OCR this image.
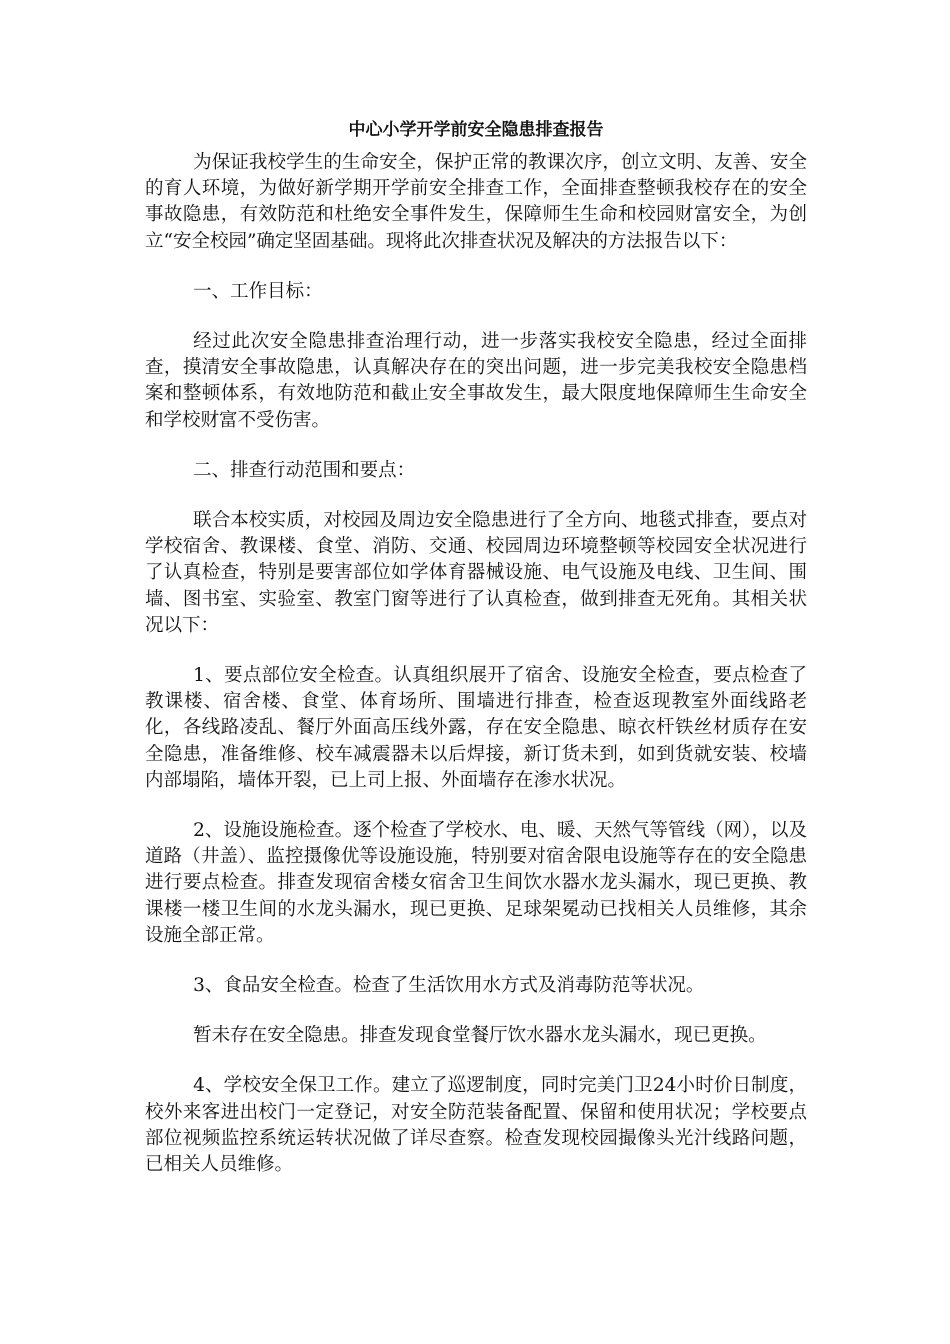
中心小学开学前安全隐患排查报告

为保证我校学生的生命安全，保护正常的教课次序，创立文明、友善、安全的育人环境，为做好新学期开学前安全排查工作，全面排查整顿我校存在的安全事故隐患，有效防范和杜绝安全事件发生，保障师生生命和校园财富安全，为创立“安全校园”确定坚固基础。现将此次排查状况及解决的方法报告以下：

一、工作目标：

经过此次安全隐患排查治理行动，进一步落实我校安全隐患，经过全面排查，摸清安全事故隐患，认真解决存在的突出问题，进一步完美我校安全隐患档案和整顿体系，有效地防范和截止安全事故发生，最大限度地保障师生生命安全和学校财富不受伤害。

二、排查行动范围和要点：

联合本校实质，对校园及周边安全隐患进行了全方向、地毯式排查，要点对学校宿舍、教课楼、食堂、消防、交通、校园周边环境整顿等校园安全状况进行了认真检查，特别是要害部位如学体育器械设施、电气设施及电线、卫生间、围墙、图书室、实验室、教室门窗等进行了认真检查，做到排查无死角。其相关状况以下：

1、要点部位安全检查。认真组织展开了宿舍、设施安全检查，要点检查了教课楼、宿舍楼、食堂、体育场所、围墙进行排查，检查返现教室外面线路老化，各线路凌乱、餐厅外面高压线外露，存在安全隐患、晾衣杆铁丝材质存在安全隐患，准备维修、校车减震器未以后焊接，新订货未到，如到货就安装、校墙内部塌陷，墙体开裂，已上司上报、外面墙存在渗水状况。

2、设施设施检查。逐个检查了学校水、电、暖、天然气等管线（网），以及道路（井盖）、监控摄像优等设施设施，特别要对宿舍限电设施等存在的安全隐患进行要点检查。排查发现宿舍楼女宿舍卫生间饮水器水龙头漏水，现已更换、教课楼一楼卫生间的水龙头漏水，现已更换、足球架冕动已找相关人员维修，其余设施全部正常。

3、食品安全检查。检查了生活饮用水方式及消毒防范等状况。

暂未存在安全隐患。排查发现食堂餐厅饮水器水龙头漏水，现已更换。

4、学校安全保卫工作。建立了巡逻制度，同时完美门卫24小时价日制度，校外来客进出校门一定登记，对安全防范装备配置、保留和使用状况；学校要点部位视频监控系统运转状况做了详尽查察。检查发现校园撮像头光汁线路问题，已相关人员维修。
